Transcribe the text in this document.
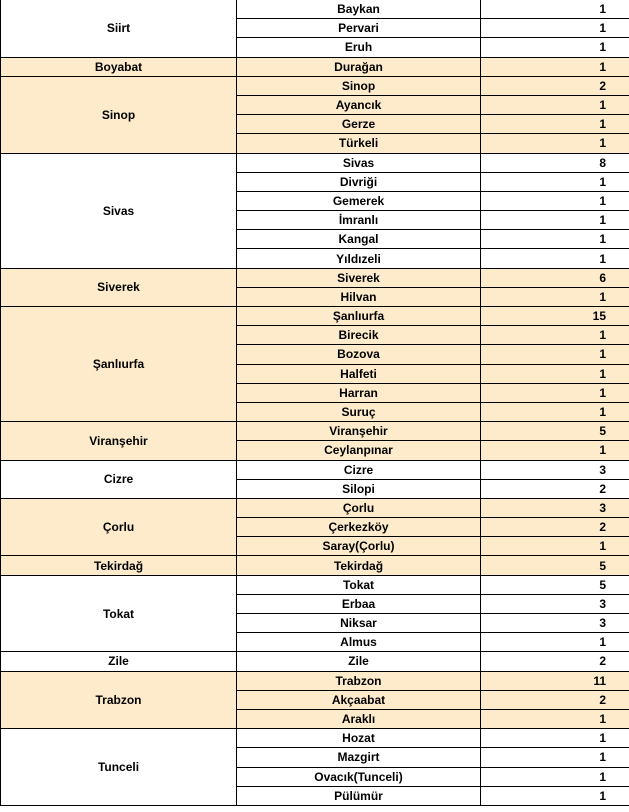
Siirt	Baykan	1
	Pervari	1
	Eruh	1
Boyabat	Durağan	1
Sinop	Sinop	2
	Ayancık	1
	Gerze	1
	Türkeli	1
Sivas	Sivas	8
	Divriği	1
	Gemerek	1
	İmranlı	1
	Kangal	1
	Yıldızeli	1
Siverek	Siverek	6
	Hilvan	1
Şanlıurfa	Şanlıurfa	15
	Birecik	1
	Bozova	1
	Halfeti	1
	Harran	1
	Suruç	1
Viranşehir	Viranşehir	5
	Ceylanpınar	1
Cizre	Cizre	3
	Silopi	2
Çorlu	Çorlu	3
	Çerkezköy	2
	Saray(Çorlu)	1
Tekirdağ	Tekirdağ	5
Tokat	Tokat	5
	Erbaa	3
	Niksar	3
	Almus	1
Zile	Zile	2
Trabzon	Trabzon	11
	Akçaabat	2
	Araklı	1
Tunceli	Hozat	1
	Mazgirt	1
	Ovacık(Tunceli)	1
	Pülümür	1
